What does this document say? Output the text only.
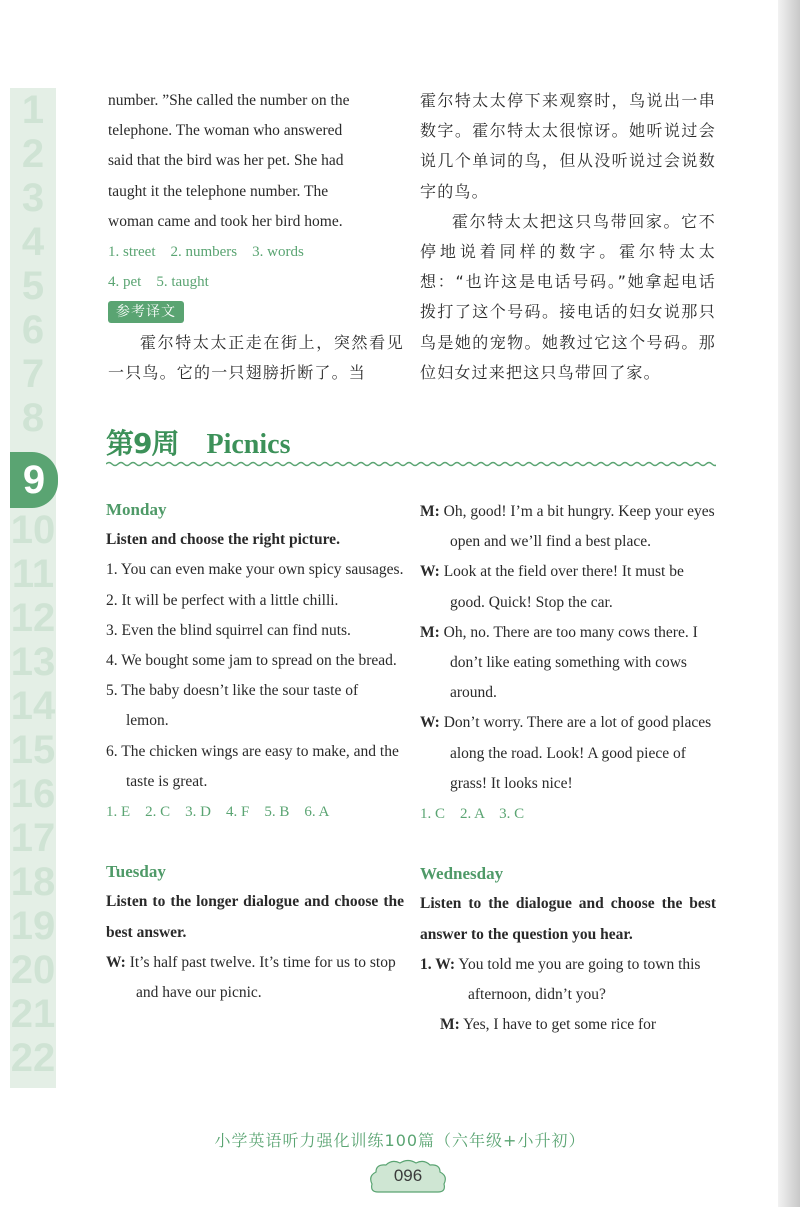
1
2
3
4
5
6
7
8
9
10
11
12
13
14
15
16
17
18
19
20
21
22

number. ”She called the number on the

telephone. The woman who answered

said that the bird was her pet. She had

taught it the telephone number. The

woman came and took her bird home.

1. street    2. numbers    3. words

4. pet    5. taught

参考译文

霍尔特太太正走在街上，突然看见一只鸟。它的一只翅膀折断了。当

霍尔特太太停下来观察时，鸟说出一串数字。霍尔特太太很惊讶。她听说过会说几个单词的鸟，但从没听说过会说数字的鸟。

霍尔特太太把这只鸟带回家。它不停地说着同样的数字。霍尔特太太想：“也许这是电话号码。”她拿起电话拨打了这个号码。接电话的妇女说那只鸟是她的宠物。她教过它这个号码。那位妇女过来把这只鸟带回了家。

第9周 Picnics

Monday

Listen and choose the right picture.

1. You can even make your own spicy sausages.

2. It will be perfect with a little chilli.

3. Even the blind squirrel can find nuts.

4. We bought some jam to spread on the bread.

5. The baby doesn’t like the sour taste of lemon.

6. The chicken wings are easy to make, and the taste is great.

1. E    2. C    3. D    4. F    5. B    6. A

Tuesday

Listen to the longer dialogue and choose the best answer.

W: It’s half past twelve. It’s time for us to stop and have our picnic.

M: Oh, good! I’m a bit hungry. Keep your eyes open and we’ll find a best place.

W: Look at the field over there! It must be good. Quick! Stop the car.

M: Oh, no. There are too many cows there. I don’t like eating something with cows around.

W: Don’t worry. There are a lot of good places along the road. Look! A good piece of grass! It looks nice!

1. C    2. A    3. C

Wednesday

Listen to the dialogue and choose the best answer to the question you hear.

1. W: You told me you are going to town this afternoon, didn’t you?

M: Yes, I have to get some rice for

小学英语听力强化训练100篇（六年级+小升初）
096
